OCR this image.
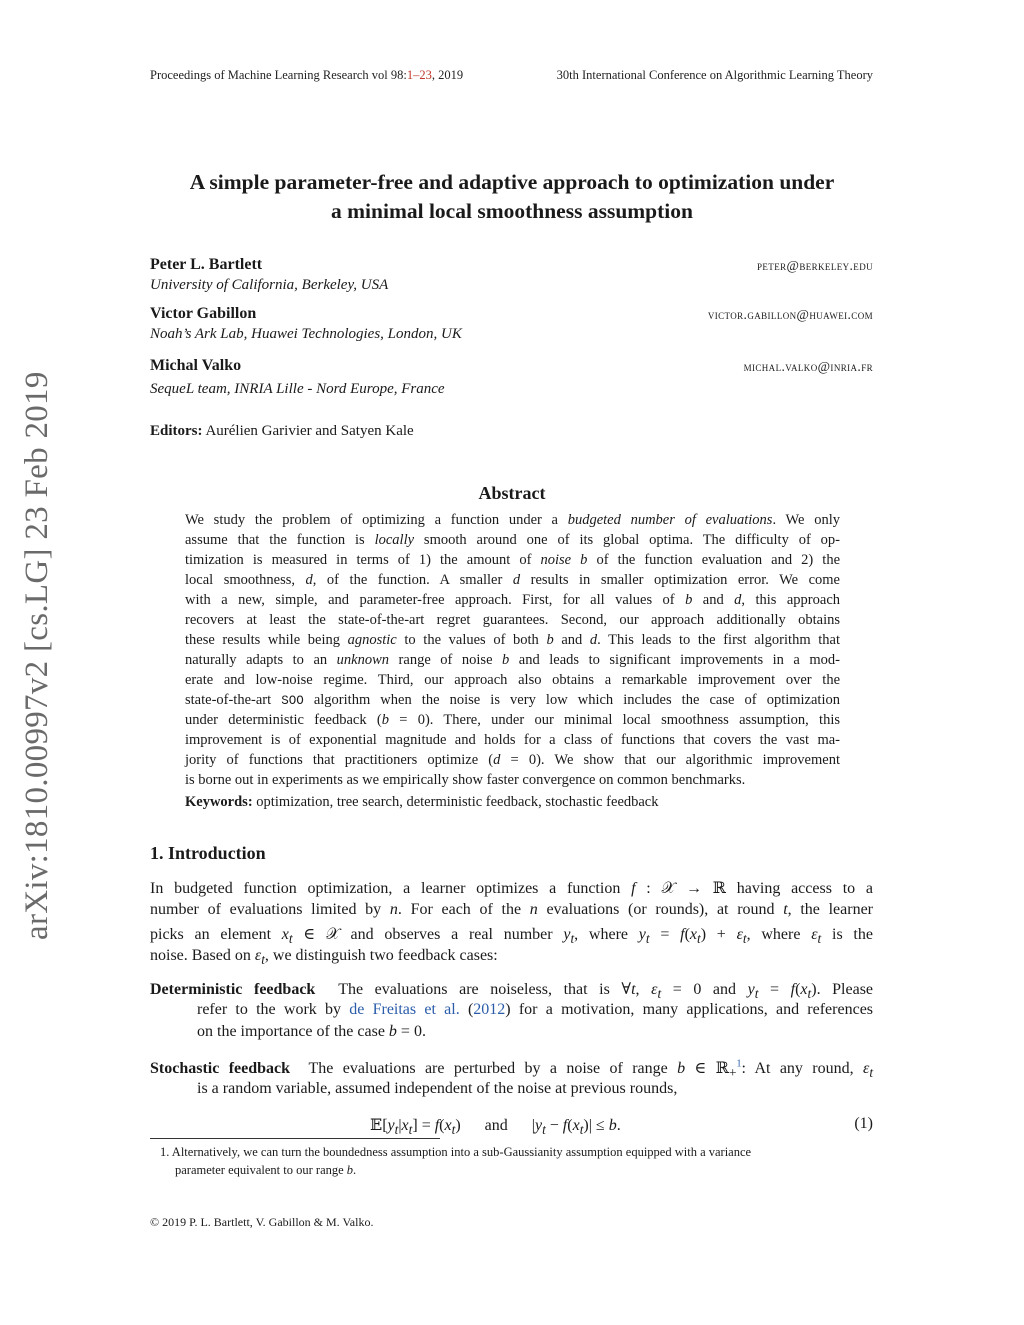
Proceedings of Machine Learning Research vol 98:1–23, 2019	30th International Conference on Algorithmic Learning Theory
arXiv:1810.00997v2 [cs.LG] 23 Feb 2019
A simple parameter-free and adaptive approach to optimization under
a minimal local smoothness assumption
Peter L. Bartlett	peter@berkeley.edu
University of California, Berkeley, USA
Victor Gabillon	victor.gabillon@huawei.com
Noah’s Ark Lab, Huawei Technologies, London, UK
Michal Valko	michal.valko@inria.fr
SequeL team, INRIA Lille - Nord Europe, France
Editors: Aurélien Garivier and Satyen Kale
Abstract
We study the problem of optimizing a function under a budgeted number of evaluations. We only
assume that the function is locally smooth around one of its global optima. The difficulty of op-
timization is measured in terms of 1) the amount of noise b of the function evaluation and 2) the
local smoothness, d, of the function. A smaller d results in smaller optimization error. We come
with a new, simple, and parameter-free approach. First, for all values of b and d, this approach
recovers at least the state-of-the-art regret guarantees. Second, our approach additionally obtains
these results while being agnostic to the values of both b and d. This leads to the first algorithm that
naturally adapts to an unknown range of noise b and leads to significant improvements in a mod-
erate and low-noise regime. Third, our approach also obtains a remarkable improvement over the
state-of-the-art SOO algorithm when the noise is very low which includes the case of optimization
under deterministic feedback (b = 0). There, under our minimal local smoothness assumption, this
improvement is of exponential magnitude and holds for a class of functions that covers the vast ma-
jority of functions that practitioners optimize (d = 0). We show that our algorithmic improvement
is borne out in experiments as we empirically show faster convergence on common benchmarks.
Keywords: optimization, tree search, deterministic feedback, stochastic feedback
1. Introduction
In budgeted function optimization, a learner optimizes a function f : 𝒳 → ℝ having access to a
number of evaluations limited by n. For each of the n evaluations (or rounds), at round t, the learner
picks an element $x_t$ ∈ 𝒳 and observes a real number $y_t$, where $y_t = f(x_t) + \varepsilon_t$, where $\varepsilon_t$ is the
noise. Based on $\varepsilon_t$, we distinguish two feedback cases:
Deterministic feedback  The evaluations are noiseless, that is ∀t, $\varepsilon_t = 0$ and $y_t = f(x_t)$. Please
refer to the work by de Freitas et al. (2012) for a motivation, many applications, and references
on the importance of the case b = 0.
Stochastic feedback  The evaluations are perturbed by a noise of range b ∈ ℝ$_+^1$: At any round, $\varepsilon_t$
is a random variable, assumed independent of the noise at previous rounds,
$𝔼[y_t|x_t] = f(x_t)$      and      $|y_t - f(x_t)| \le b$.	(1)
1. Alternatively, we can turn the boundedness assumption into a sub-Gaussianity assumption equipped with a variance
parameter equivalent to our range b.
© 2019 P. L. Bartlett, V. Gabillon & M. Valko.
